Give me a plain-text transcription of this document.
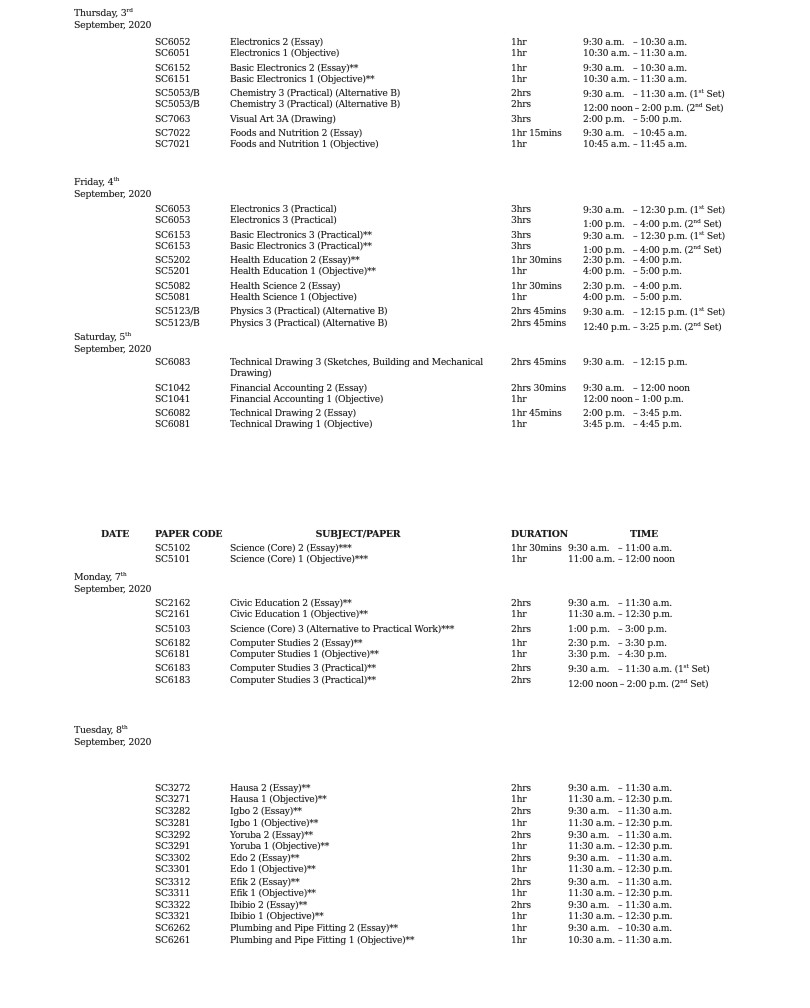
Thursday, 3rd
September, 2020
SC6052	Electronics 2 (Essay)	1hr	9:30 a.m. – 10:30 a.m.
SC6051	Electronics 1 (Objective)	1hr	10:30 a.m. – 11:30 a.m.
SC6152	Basic Electronics 2 (Essay)**	1hr	9:30 a.m. – 10:30 a.m.
SC6151	Basic Electronics 1 (Objective)**	1hr	10:30 a.m. – 11:30 a.m.
SC5053/B	Chemistry 3 (Practical) (Alternative B)	2hrs	9:30 a.m. – 11:30 a.m. (1st Set)
SC5053/B	Chemistry 3 (Practical) (Alternative B)	2hrs	12:00 noon – 2:00 p.m. (2nd Set)
SC7063	Visual Art 3A (Drawing)	3hrs	2:00 p.m. – 5:00 p.m.
SC7022	Foods and Nutrition 2 (Essay)	1hr 15mins	9:30 a.m. – 10:45 a.m.
SC7021	Foods and Nutrition 1 (Objective)	1hr	10:45 a.m. – 11:45 a.m.
Friday, 4th
September, 2020
SC6053	Electronics 3 (Practical)	3hrs	9:30 a.m. – 12:30 p.m. (1st Set)
SC6053	Electronics 3 (Practical)	3hrs	1:00 p.m. – 4:00 p.m. (2nd Set)
SC6153	Basic Electronics 3 (Practical)**	3hrs	9:30 a.m. – 12:30 p.m. (1st Set)
SC6153	Basic Electronics 3 (Practical)**	3hrs	1:00 p.m. – 4:00 p.m. (2nd Set)
SC5202	Health Education 2 (Essay)**	1hr 30mins	2:30 p.m. – 4:00 p.m.
SC5201	Health Education 1 (Objective)**	1hr	4:00 p.m. – 5:00 p.m.
SC5082	Health Science 2 (Essay)	1hr 30mins	2:30 p.m. – 4:00 p.m.
SC5081	Health Science 1 (Objective)	1hr	4:00 p.m. – 5:00 p.m.
SC5123/B	Physics 3 (Practical) (Alternative B)	2hrs 45mins	9:30 a.m. – 12:15 p.m. (1st Set)
SC5123/B	Physics 3 (Practical) (Alternative B)	2hrs 45mins	12:40 p.m. – 3:25 p.m. (2nd Set)
Saturday, 5th
September, 2020
SC6083	Technical Drawing 3 (Sketches, Building and Mechanical Drawing)
2hrs 45mins	9:30 a.m. – 12:15 p.m.
SC1042	Financial Accounting 2 (Essay)	2hrs 30mins	9:30 a.m. – 12:00 noon
SC1041	Financial Accounting 1 (Objective)	1hr	12:00 noon – 1:00 p.m.
SC6082	Technical Drawing 2 (Essay)	1hr 45mins	2:00 p.m. – 3:45 p.m.
SC6081	Technical Drawing 1 (Objective)	1hr	3:45 p.m. – 4:45 p.m.
DATE	PAPER CODE	SUBJECT/PAPER	DURATION	TIME
SC5102	Science (Core) 2 (Essay)***	1hr 30mins 9:30 a.m. – 11:00 a.m.
SC5101	Science (Core) 1 (Objective)***	1hr	11:00 a.m. – 12:00 noon
Monday, 7th
September, 2020
SC2162	Civic Education 2 (Essay)**	2hrs	9:30 a.m. – 11:30 a.m.
SC2161	Civic Education 1 (Objective)**	1hr	11:30 a.m. – 12:30 p.m.
SC5103	Science (Core) 3 (Alternative to Practical Work)***	2hrs	1:00 p.m. – 3:00 p.m.
SC6182	Computer Studies 2 (Essay)**	1hr	2:30 p.m. – 3:30 p.m.
SC6181	Computer Studies 1 (Objective)**	1hr	3:30 p.m. – 4:30 p.m.
SC6183	Computer Studies 3 (Practical)**	2hrs	9:30 a.m. – 11:30 a.m. (1st Set)
SC6183	Computer Studies 3 (Practical)**	2hrs	12:00 noon – 2:00 p.m. (2nd Set)
Tuesday, 8th
September, 2020
SC3272	Hausa 2 (Essay)**	2hrs	9:30 a.m. – 11:30 a.m.
SC3271	Hausa 1 (Objective)**	1hr	11:30 a.m. – 12:30 p.m.
SC3282	Igbo 2 (Essay)**	2hrs	9:30 a.m. – 11:30 a.m.
SC3281	Igbo 1 (Objective)**	1hr	11:30 a.m. – 12:30 p.m.
SC3292	Yoruba 2 (Essay)**	2hrs	9:30 a.m. – 11:30 a.m.
SC3291	Yoruba 1 (Objective)**	1hr	11:30 a.m. – 12:30 p.m.
SC3302	Edo 2 (Essay)**	2hrs	9:30 a.m. – 11:30 a.m.
SC3301	Edo 1 (Objective)**	1hr	11:30 a.m. – 12:30 p.m.
SC3312	Efik 2 (Essay)**	2hrs	9:30 a.m. – 11:30 a.m.
SC3311	Efik 1 (Objective)**	1hr	11:30 a.m. – 12:30 p.m.
SC3322	Ibibio 2 (Essay)**	2hrs	9:30 a.m. – 11:30 a.m.
SC3321	Ibibio 1 (Objective)**	1hr	11:30 a.m. – 12:30 p.m.
SC6262	Plumbing and Pipe Fitting 2 (Essay)**	1hr	9:30 a.m. – 10:30 a.m.
SC6261	Plumbing and Pipe Fitting 1 (Objective)**	1hr	10:30 a.m. – 11:30 a.m.
